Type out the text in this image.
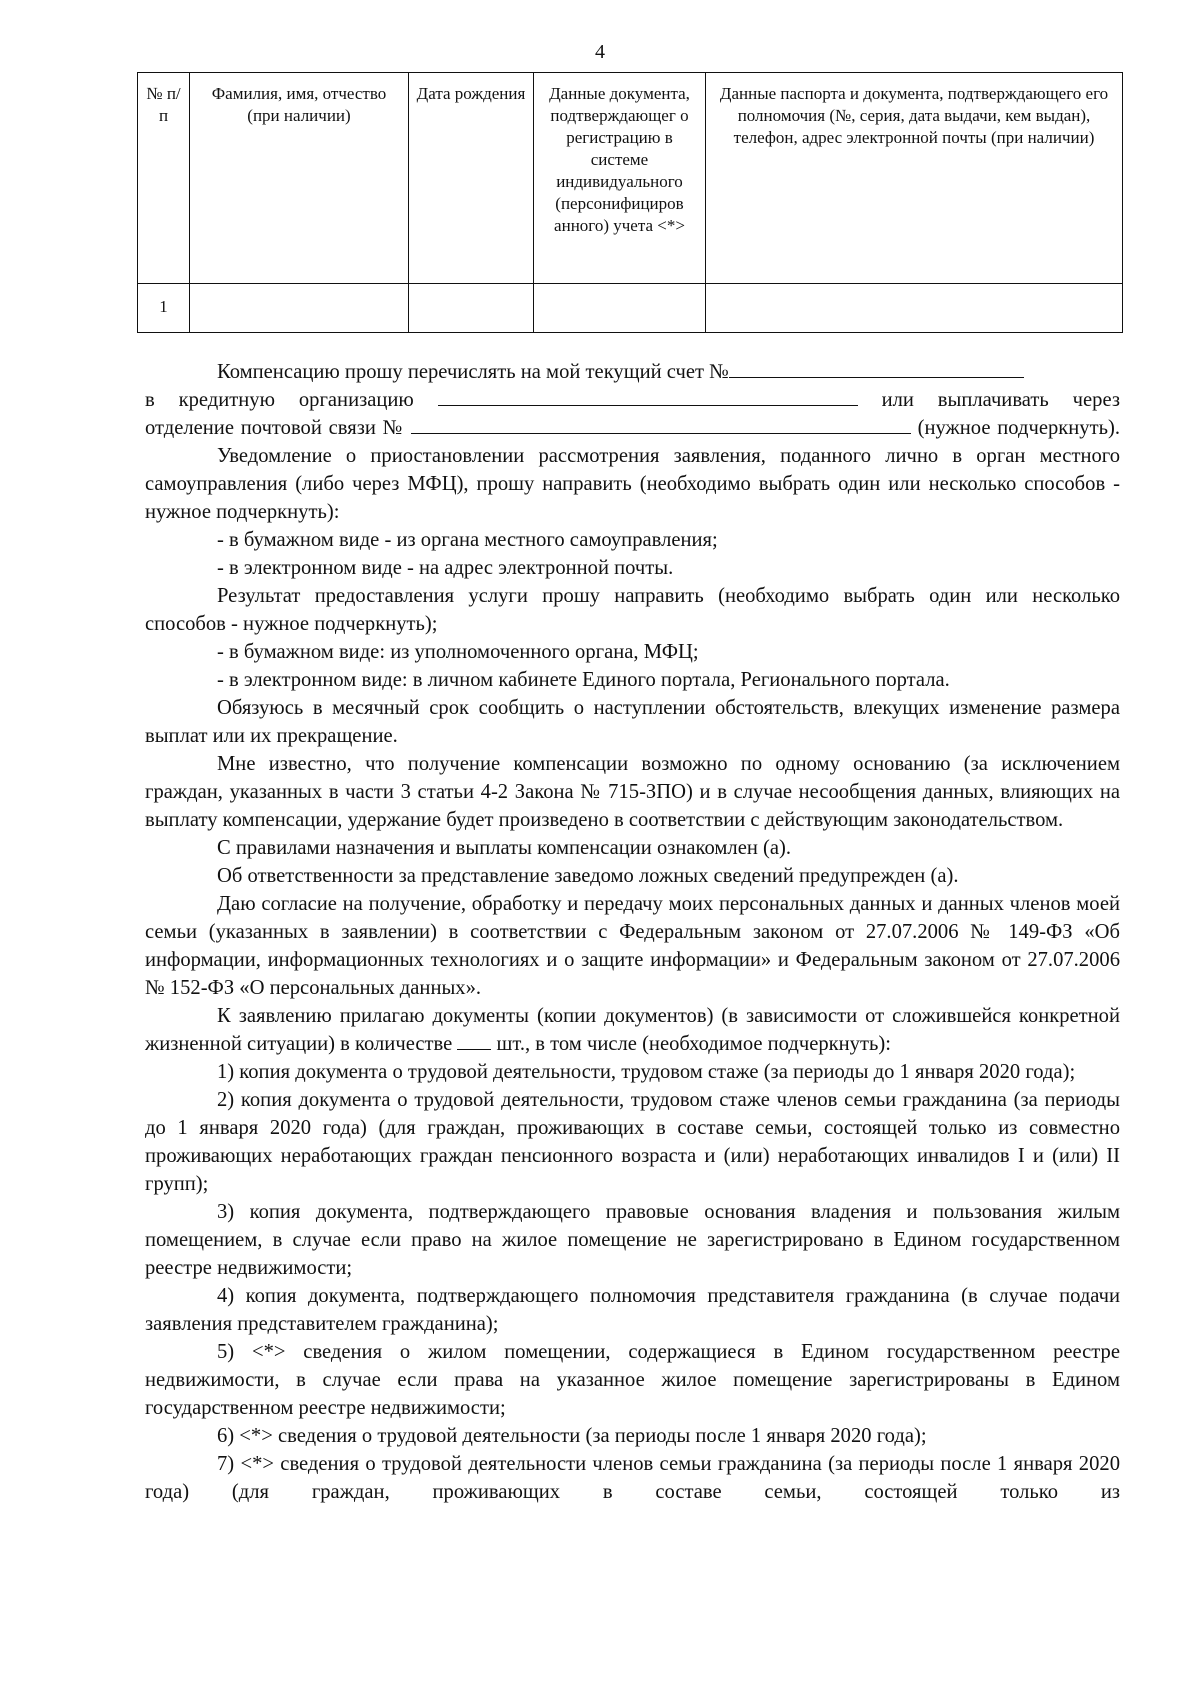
4
№ п/п	Фамилия, имя, отчество (при наличии)	Дата рождения	Данные документа, подтверждающег о регистрацию в системе индивидуального (персонифициров анного) учета <*>	Данные паспорта и документа, подтверждающего его полномочия (№, серия, дата выдачи, кем выдан), телефон, адрес электронной почты (при наличии)
1				

Компенсацию прошу перечислять на мой текущий счет №

в кредитную организацию	или выплачивать через

отделение почтовой связи №	(нужное подчеркнуть).

Уведомление о приостановлении рассмотрения заявления, поданного лично в орган местного самоуправления (либо через МФЦ), прошу направить (необходимо выбрать один или несколько способов - нужное подчеркнуть):

- в бумажном виде - из органа местного самоуправления;

- в электронном виде - на адрес электронной почты.

Результат предоставления услуги прошу направить (необходимо выбрать один или несколько способов - нужное подчеркнуть);

- в бумажном виде: из уполномоченного органа, МФЦ;

- в электронном виде: в личном кабинете Единого портала, Регионального портала.

Обязуюсь в месячный срок сообщить о наступлении обстоятельств, влекущих изменение размера выплат или их прекращение.

Мне известно, что получение компенсации возможно по одному основанию (за исключением граждан, указанных в части 3 статьи 4-2 Закона № 715-ЗПО) и в случае несообщения данных, влияющих на выплату компенсации, удержание будет произведено в соответствии с действующим законодательством.

С правилами назначения и выплаты компенсации ознакомлен (а).

Об ответственности за представление заведомо ложных сведений предупрежден (а).

Даю согласие на получение, обработку и передачу моих персональных данных и данных членов моей семьи (указанных в заявлении) в соответствии с Федеральным законом от 27.07.2006 № 149-ФЗ «Об информации, информационных технологиях и о защите информации» и Федеральным законом от 27.07.2006 № 152-ФЗ «О персональных данных».

К заявлению прилагаю документы (копии документов) (в зависимости от сложившейся конкретной жизненной ситуации) в количестве шт., в том числе (необходимое подчеркнуть):

1) копия документа о трудовой деятельности, трудовом стаже (за периоды до 1 января 2020 года);

2) копия документа о трудовой деятельности, трудовом стаже членов семьи гражданина (за периоды до 1 января 2020 года) (для граждан, проживающих в составе семьи, состоящей только из совместно проживающих неработающих граждан пенсионного возраста и (или) неработающих инвалидов I и (или) II групп);

3) копия документа, подтверждающего правовые основания владения и пользования жилым помещением, в случае если право на жилое помещение не зарегистрировано в Едином государственном реестре недвижимости;

4) копия документа, подтверждающего полномочия представителя гражданина (в случае подачи заявления представителем гражданина);

5) <*> сведения о жилом помещении, содержащиеся в Едином государственном реестре недвижимости, в случае если права на указанное жилое помещение зарегистрированы в Едином государственном реестре недвижимости;

6) <*> сведения о трудовой деятельности (за периоды после 1 января 2020 года);

7) <*> сведения о трудовой деятельности членов семьи гражданина (за периоды после 1 января 2020 года) (для граждан, проживающих в составе семьи, состоящей только из
